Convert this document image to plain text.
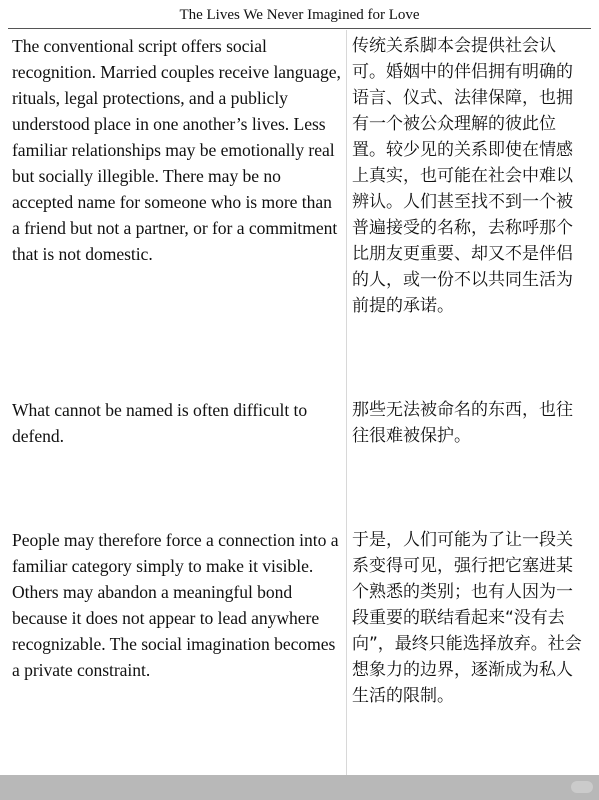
The Lives We Never Imagined for Love

The conventional script offers social recognition. Married couples receive language, rituals, legal protections, and a publicly understood place in one another’s lives. Less familiar relationships may be emotionally real but socially illegible. There may be no accepted name for someone who is more than a friend but not a partner, or for a commitment that is not domestic.

传统关系脚本会提供社会认可。婚姻中的伴侣拥有明确的语言、仪式、法律保障，也拥有一个被公众理解的彼此位置。较少见的关系即使在情感上真实，也可能在社会中难以辨认。人们甚至找不到一个被普遍接受的名称，去称呼那个比朋友更重要、却又不是伴侣的人，或一份不以共同生活为前提的承诺。

What cannot be named is often difficult to defend.

那些无法被命名的东西，也往往很难被保护。

People may therefore force a connection into a familiar category simply to make it visible. Others may abandon a meaningful bond because it does not appear to lead anywhere recognizable. The social imagination becomes a private constraint.

于是，人们可能为了让一段关系变得可见，强行把它塞进某个熟悉的类别；也有人因为一段重要的联结看起来“没有去向”，最终只能选择放弃。社会想象力的边界，逐渐成为私人生活的限制。
